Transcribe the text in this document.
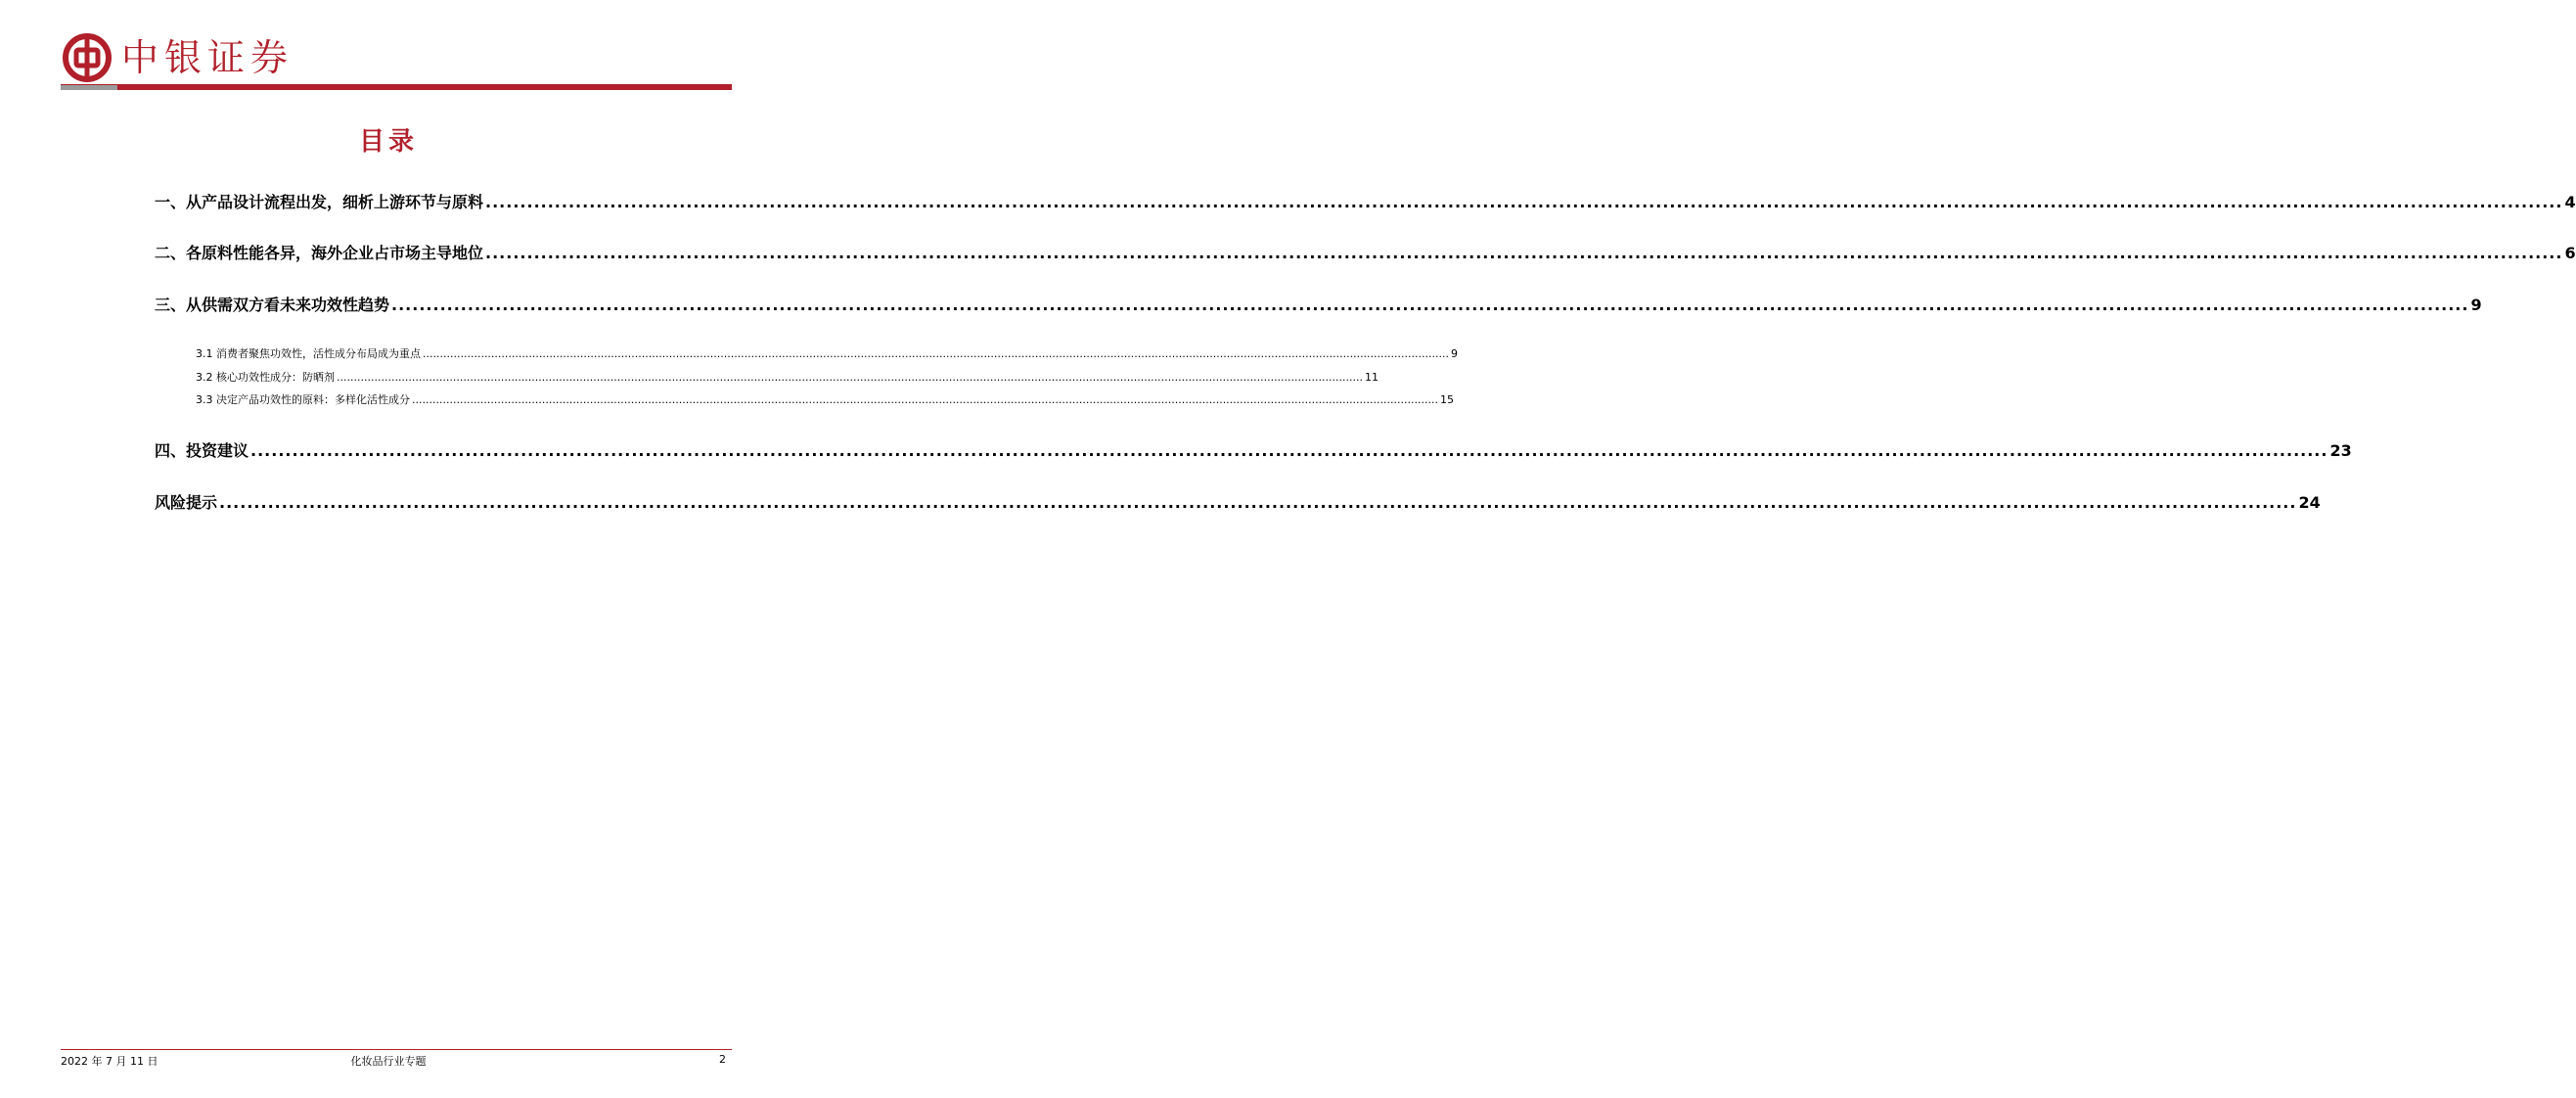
中银证券
目录
一、从产品设计流程出发，细析上游环节与原料 ............................................................................................................................................................................................................................................................................................................ 4
二、各原料性能各异，海外企业占市场主导地位 ............................................................................................................................................................................................................................................................................................................ 6
三、从供需双方看未来功效性趋势 ............................................................................................................................................................................................................................................................................................................ 9
3.1 消费者聚焦功效性，活性成分布局成为重点 ............................................................................................................................................................................................................................................................................................................ 9
3.2 核心功效性成分：防晒剂 ............................................................................................................................................................................................................................................................................................................ 11
3.3 决定产品功效性的原料：多样化活性成分 ............................................................................................................................................................................................................................................................................................................ 15
四、投资建议 ............................................................................................................................................................................................................................................................................................................ 23
风险提示 ............................................................................................................................................................................................................................................................................................................ 24
2022 年 7 月 11 日	化妆品行业专题	2
